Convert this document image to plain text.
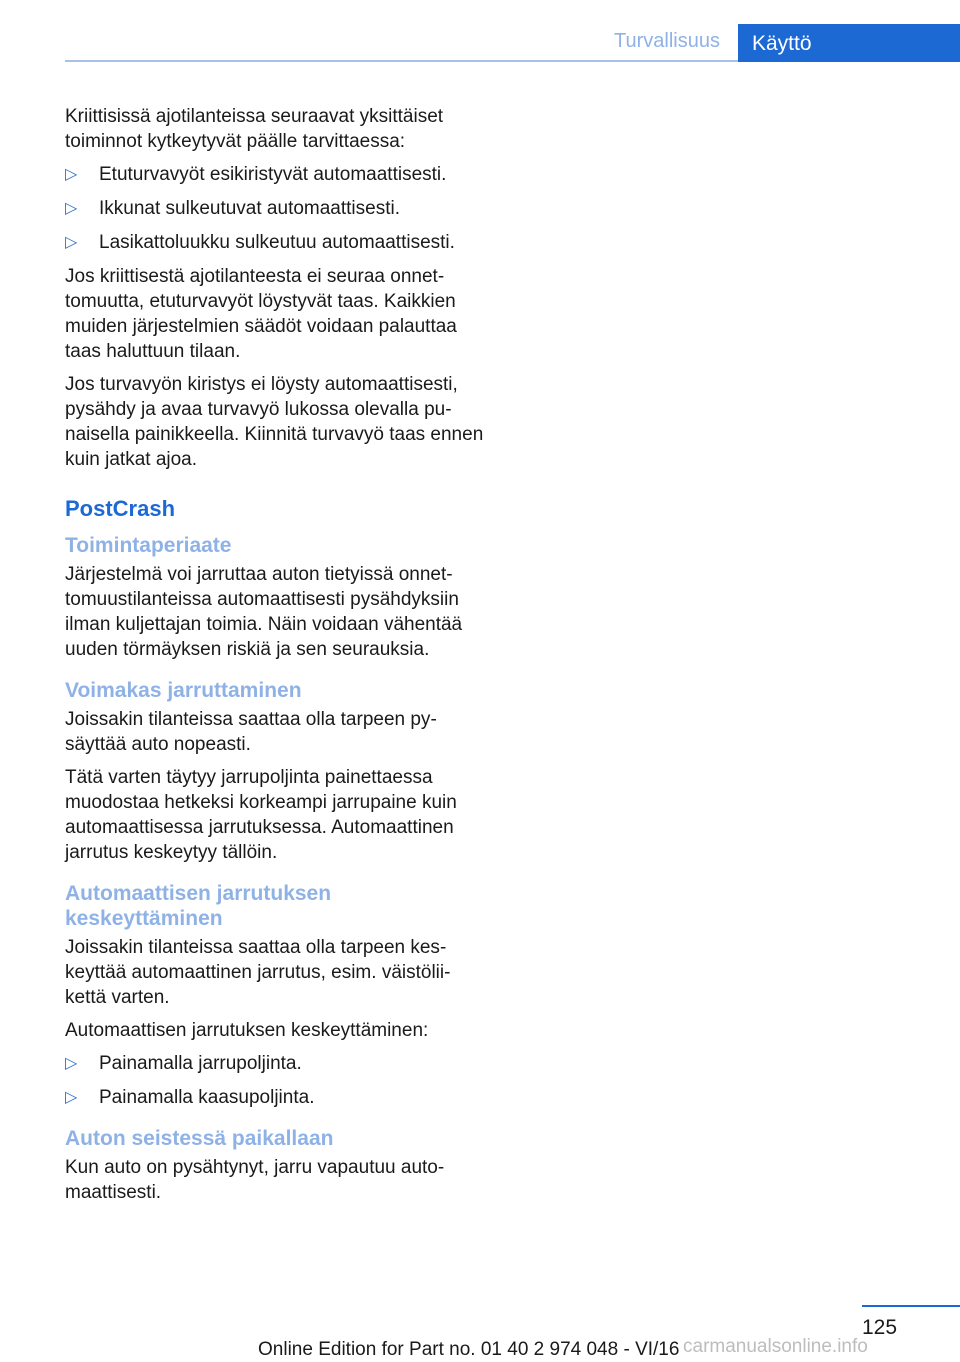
Turvallisuus	Käyttö

Kriittisissä ajotilanteissa seuraavat yksittäiset toiminnot kytkeytyvät päälle tarvittaessa:

▷ Etuturvavyöt esikiristyvät automaattisesti.
▷ Ikkunat sulkeutuvat automaattisesti.
▷ Lasikattoluukku sulkeutuu automaattisesti.

Jos kriittisestä ajotilanteesta ei seuraa onnettomuutta, etuturvavyöt löystyvät taas. Kaikkien muiden järjestelmien säädöt voidaan palauttaa taas haluttuun tilaan.

Jos turvavyön kiristys ei löysty automaattisesti, pysähdy ja avaa turvavyö lukossa olevalla punaisella painikkeella. Kiinnitä turvavyö taas ennen kuin jatkat ajoa.

PostCrash
Toimintaperiaate

Järjestelmä voi jarruttaa auton tietyissä onnettomuustilanteissa automaattisesti pysähdyksiin ilman kuljettajan toimia. Näin voidaan vähentää uuden törmäyksen riskiä ja sen seurauksia.

Voimakas jarruttaminen

Joissakin tilanteissa saattaa olla tarpeen pysäyttää auto nopeasti.

Tätä varten täytyy jarrupoljinta painettaessa muodostaa hetkeksi korkeampi jarrupaine kuin automaattisessa jarrutuksessa. Automaattinen jarrutus keskeytyy tällöin.

Automaattisen jarrutuksen keskeyttäminen

Joissakin tilanteissa saattaa olla tarpeen keskeyttää automaattinen jarrutus, esim. väistöliikettä varten.

Automaattisen jarrutuksen keskeyttäminen:

▷ Painamalla jarrupoljinta.
▷ Painamalla kaasupoljinta.
Auton seistessä paikallaan

Kun auto on pysähtynyt, jarru vapautuu automaattisesti.

125
Online Edition for Part no. 01 40 2 974 048 - VI/16 carmanualsonline.info
